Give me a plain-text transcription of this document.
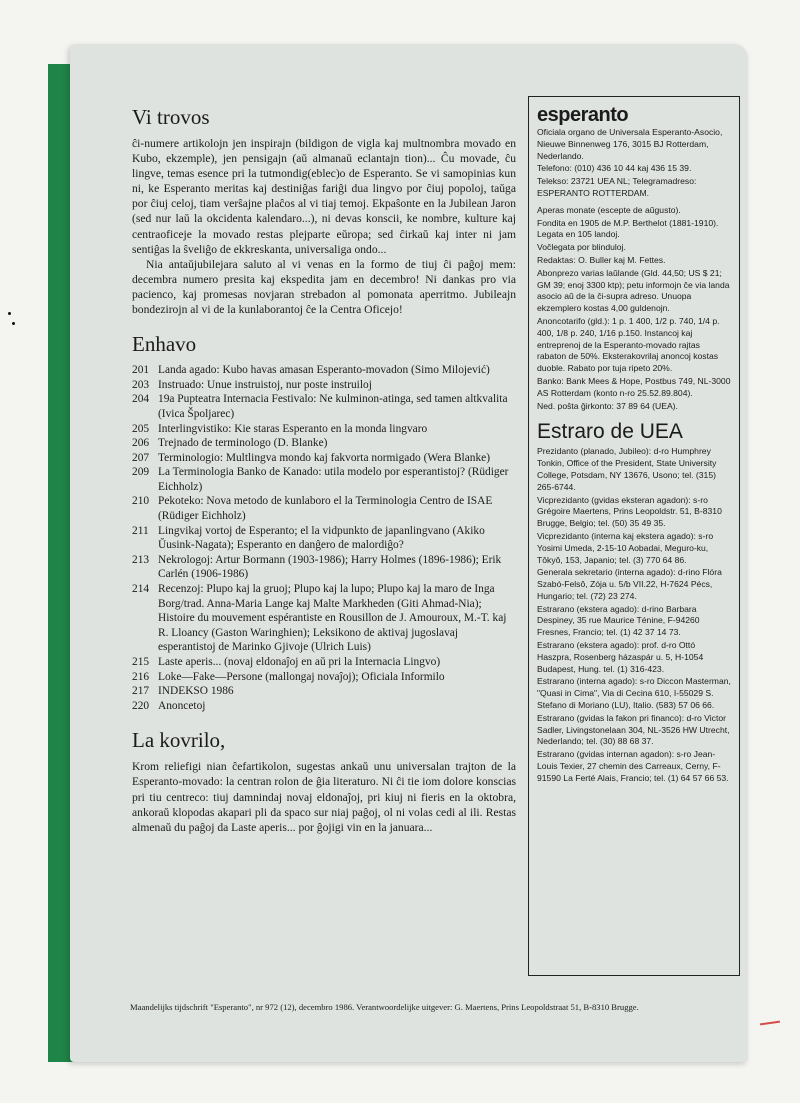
Vi trovos

ĉi-numere artikolojn jen inspirajn (bildigon de vigla kaj multnombra movado en Kubo, ekzemple), jen pensigajn (aŭ almanaŭ eclantajn tion)... Ĉu movade, ĉu lingve, temas esence pri la tutmondig(eblec)o de Esperanto. Se vi samopinias kun ni, ke Esperanto meritas kaj destiniĝas fariĝi dua lingvo por ĉiuj popoloj, taŭga por ĉiuj celoj, tiam verŝajne plaĉos al vi tiaj temoj. Ekpaŝonte en la Jubilean Jaron (sed nur laŭ la okcidenta kalendaro...), ni devas konscii, ke nombre, kulture kaj centraoficeje la movado restas plejparte eŭropa; sed ĉirkaŭ kaj inter ni jam sentiĝas la ŝveliĝo de ekkreskanta, universaliga ondo...

Nia antaŭjubilejara saluto al vi venas en la formo de tiuj ĉi paĝoj mem: decembra numero presita kaj ekspedita jam en decembro! Ni dankas pro via pacienco, kaj promesas novjaran strebadon al pomonata aperritmo. Jubileajn bondezirojn al vi de la kunlaborantoj ĉe la Centra Oficejo!

Enhavo
201 Landa agado: Kubo havas amasan Esperanto-movadon (Simo Milojević)
203 Instruado: Unue instruistoj, nur poste instruiloj
204 19a Pupteatra Internacia Festivalo: Ne kulminon-atinga, sed tamen altkvalita (Ivica Špoljarec)
205 Interlingvistiko: Kie staras Esperanto en la monda lingvaro
206 Trejnado de terminologo (D. Blanke)
207 Terminologio: Multlingva mondo kaj fakvorta normigado (Wera Blanke)
209 La Terminologia Banko de Kanado: utila modelo por esperantistoj? (Rüdiger Eichholz)
210 Pekoteko: Nova metodo de kunlaboro el la Terminologia Centro de ISAE (Rüdiger Eichholz)
211 Lingvikaj vortoj de Esperanto; el la vidpunkto de japanlingvano (Akiko Ŭusink-Nagata); Esperanto en danĝero de malordiĝo?
213 Nekrologoj: Artur Bormann (1903-1986); Harry Holmes (1896-1986); Erik Carlén (1906-1986)
214 Recenzoj: Plupo kaj la gruoj; Plupo kaj la lupo; Plupo kaj la maro de Inga Borg/trad. Anna-Maria Lange kaj Malte Markheden (Giti Ahmad-Nia); Histoire du mouvement espérantiste en Rousillon de J. Amouroux, M.-T. kaj R. Lloancy (Gaston Waringhien); Leksikono de aktivaj jugoslavaj esperantistoj de Marinko Gjivoje (Ulrich Luis)
215 Laste aperis... (novaj eldonaĵoj en aŭ pri la Internacia Lingvo)
216 Loke—Fake—Persone (mallongaj novaĵoj); Oficiala Informilo
217 INDEKSO 1986
220 Anoncetoj
La kovrilo,

Krom reliefigi nian ĉefartikolon, sugestas ankaŭ unu universalan trajton de la Esperanto-movado: la centran rolon de ĝia literaturo. Ni ĉi tie iom dolore konscias pri tiu centreco: tiuj damnindaj novaj eldonaĵoj, pri kiuj ni fieris en la oktobra, ankoraŭ klopodas akapari pli da spaco sur niaj paĝoj, ol ni volas cedi al ili. Restas almenaŭ du paĝoj da Laste aperis... por ĝojigi vin en la januara...

esperanto

Oficiala organo de Universala Esperanto-Asocio, Nieuwe Binnenweg 176, 3015 BJ Rotterdam, Nederlando.

Telefono: (010) 436 10 44 kaj 436 15 39.

Telekso: 23721 UEA NL; Telegramadreso: ESPERANTO ROTTERDAM.

Aperas monate (escepte de aŭgusto).

Fondita en 1905 de M.P. Berthelot (1881-1910). Legata en 105 landoj.

Voĉlegata por blinduloj.

Redaktas: O. Buller kaj M. Fettes.

Abonprezo varias laŭlande (Gld. 44,50; US $ 21; GM 39; enoj 3300 ktp); petu informojn ĉe via landa asocio aŭ de la ĉi-supra adreso. Unuopa ekzemplero kostas 4,00 guldenojn.

Anoncotarifo (gld.): 1 p. 1 400, 1/2 p. 740, 1/4 p. 400, 1/8 p. 240, 1/16 p.150. Instancoj kaj entreprenoj de la Esperanto-movado rajtas rabaton de 50%. Eksterakovrilaj anoncoj kostas duoble. Rabato por tuja ripeto 20%.

Banko: Bank Mees & Hope, Postbus 749, NL-3000 AS Rotterdam (konto n-ro 25.52.89.804).

Ned. poŝta ĝirkonto: 37 89 64 (UEA).

Estraro de UEA

Prezidanto (planado, Jubileo): d-ro Humphrey Tonkin, Office of the President, State University College, Potsdam, NY 13676, Usono; tel. (315) 265-6744.

Vicprezidanto (gvidas eksteran agadon): s-ro Grégoire Maertens, Prins Leopoldstr. 51, B-8310 Brugge, Belgio; tel. (50) 35 49 35.

Vicprezidanto (interna kaj ekstera agado): s-ro Yosimi Umeda, 2-15-10 Aobadai, Meguro-ku, Tôkyô, 153, Japanio; tel. (3) 770 64 86.

Generala sekretario (interna agado): d-rino Flóra Szabó-Felsô, Zója u. 5/b VII.22, H-7624 Pécs, Hungario; tel. (72) 23 274.

Estrarano (ekstera agado): d-rino Barbara Despiney, 35 rue Maurice Ténine, F-94260 Fresnes, Francio; tel. (1) 42 37 14 73.

Estrarano (ekstera agado): prof. d-ro Ottó Haszpra, Rosenberg házaspár u. 5, H-1054 Budapest, Hung. tel. (1) 316-423.

Estrarano (interna agado): s-ro Diccon Masterman, "Quasi in Cima", Via di Cecina 610, I-55029 S. Stefano di Moriano (LU), Italio. (583) 57 06 66.

Estrarano (gvidas la fakon pri financo): d-ro Victor Sadler, Livingstonelaan 304, NL-3526 HW Utrecht, Nederlando; tel. (30) 88 68 37.

Estrarano (gvidas internan agadon): s-ro Jean-Louis Texier, 27 chemin des Carreaux, Cerny, F-91590 La Ferté Alais, Francio; tel. (1) 64 57 66 53.

Maandelijks tijdschrift "Esperanto", nr 972 (12), decembro 1986. Verantwoordelijke uitgever: G. Maertens, Prins Leopoldstraat 51, B-8310 Brugge.
